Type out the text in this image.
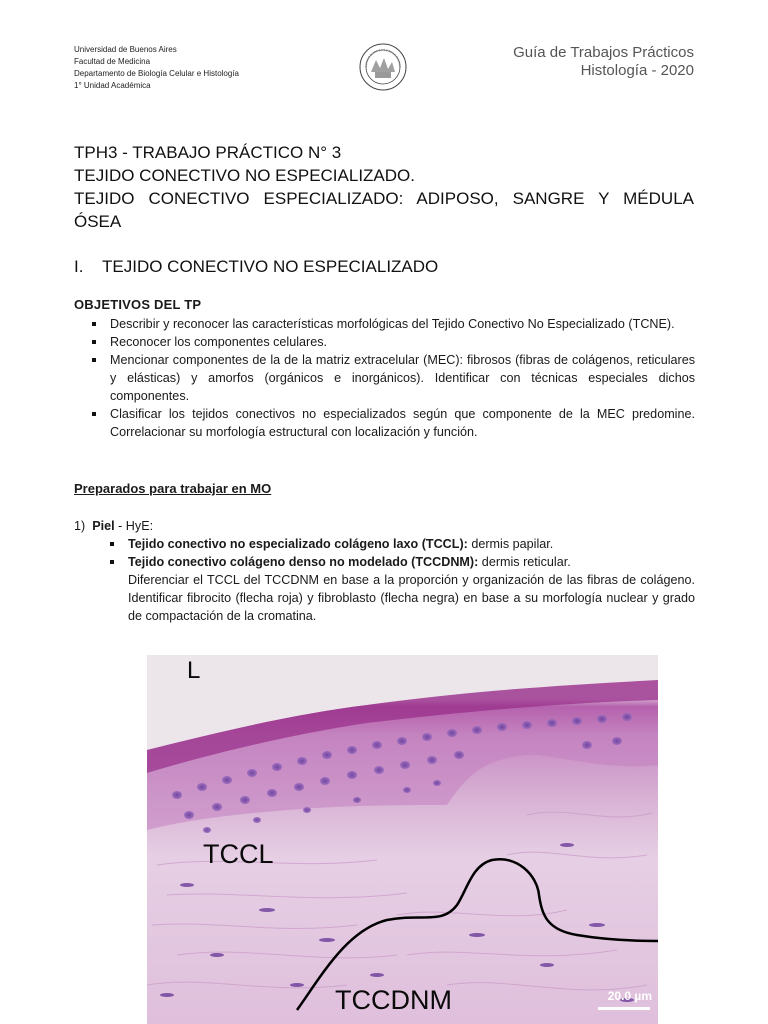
Universidad de Buenos Aires
Facultad de Medicina
Departamento de Biología Celular e Histología
1° Unidad Académica
Guía de Trabajos Prácticos
Histología - 2020
TPH3 - TRABAJO PRÁCTICO N° 3
TEJIDO CONECTIVO NO ESPECIALIZADO.
TEJIDO CONECTIVO ESPECIALIZADO: ADIPOSO, SANGRE Y MÉDULA
ÓSEA
I. TEJIDO CONECTIVO NO ESPECIALIZADO
OBJETIVOS DEL TP
Describir y reconocer las características morfológicas del Tejido Conectivo No Especializado (TCNE).
Reconocer los componentes celulares.
Mencionar componentes de la de la matriz extracelular (MEC): fibrosos (fibras de colágenos, reticulares y elásticas) y amorfos (orgánicos e inorgánicos). Identificar con técnicas especiales dichos componentes.
Clasificar los tejidos conectivos no especializados según que componente de la MEC predomine. Correlacionar su morfología estructural con localización y función.
Preparados para trabajar en MO
1) Piel - HyE:
Tejido conectivo no especializado colágeno laxo (TCCL): dermis papilar.
Tejido conectivo colágeno denso no modelado (TCCDNM): dermis reticular.
Diferenciar el TCCL del TCCDNM en base a la proporción y organización de las fibras de colágeno. Identificar fibrocito (flecha roja) y fibroblasto (flecha negra) en base a su morfología nuclear y grado de compactación de la cromatina.
L
TCCL
TCCDNM	20.0 µm
